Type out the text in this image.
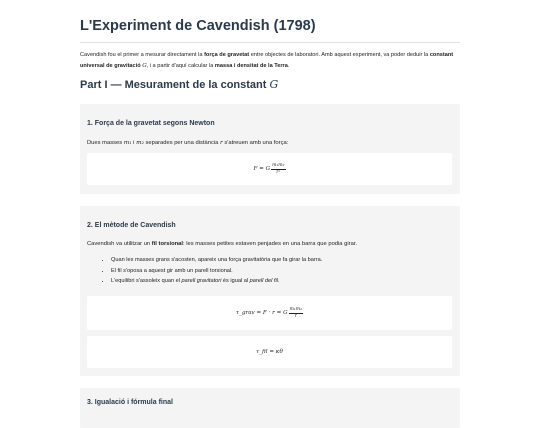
L'Experiment de Cavendish (1798)

Cavendish fou el primer a mesurar directament la força de gravetat entre objectes de laboratori. Amb aquest experiment, va poder deduir la constant universal de gravitació G, i a partir d'aquí calcular la massa i densitat de la Terra.

Part I — Mesurament de la constant G
1. Força de la gravetat segons Newton

Dues masses m₁ i m₂ separades per una distància r s'atreuen amb una força:

F = G $\frac{\text{m₁m₂}}{\text{r²}}$
2. El mètode de Cavendish

Cavendish va utilitzar un fil torsional: les masses petites estaven penjades en una barra que podia girar.

• Quan les masses grans s'acosten, apareix una força gravitatòria que fa girar la barra.
• El fil s'oposa a aquest gir amb un parell torsional.
• L'equilibri s'assoleix quan el parell gravitatori és igual al parell del fil.
τ_grav = F · r = G $\frac{\text{m₁m₂}}{r}$
τ_fil = κθ
3. Igualació i fórmula final
